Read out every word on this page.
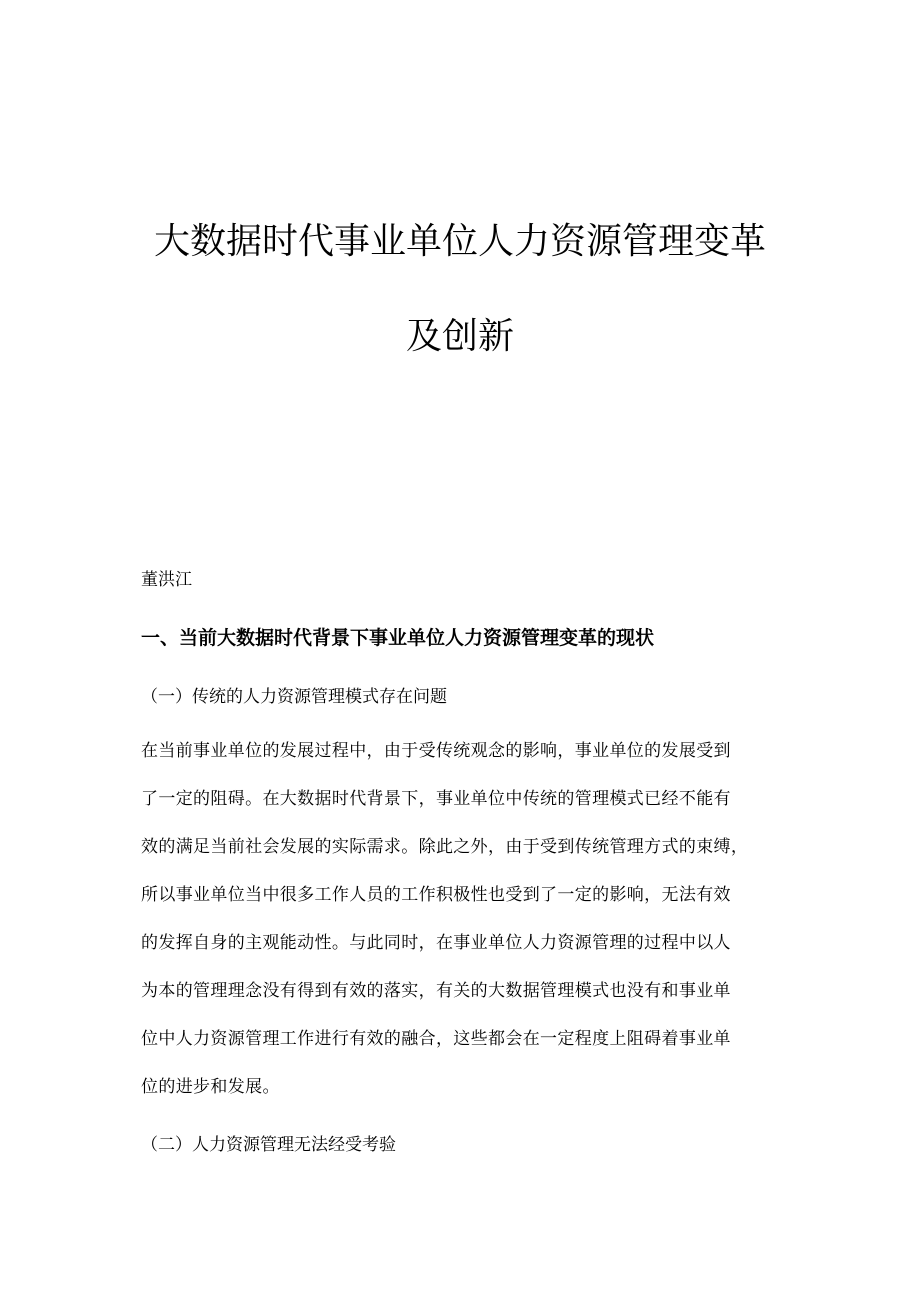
大数据时代事业单位人力资源管理变革
及创新
董洪江
一、当前大数据时代背景下事业单位人力资源管理变革的现状
（一）传统的人力资源管理模式存在问题
在当前事业单位的发展过程中，由于受传统观念的影响，事业单位的发展受到
了一定的阻碍。在大数据时代背景下，事业单位中传统的管理模式已经不能有
效的满足当前社会发展的实际需求。除此之外，由于受到传统管理方式的束缚，
所以事业单位当中很多工作人员的工作积极性也受到了一定的影响，无法有效
的发挥自身的主观能动性。与此同时，在事业单位人力资源管理的过程中以人
为本的管理理念没有得到有效的落实，有关的大数据管理模式也没有和事业单
位中人力资源管理工作进行有效的融合，这些都会在一定程度上阻碍着事业单
位的进步和发展。
（二）人力资源管理无法经受考验
